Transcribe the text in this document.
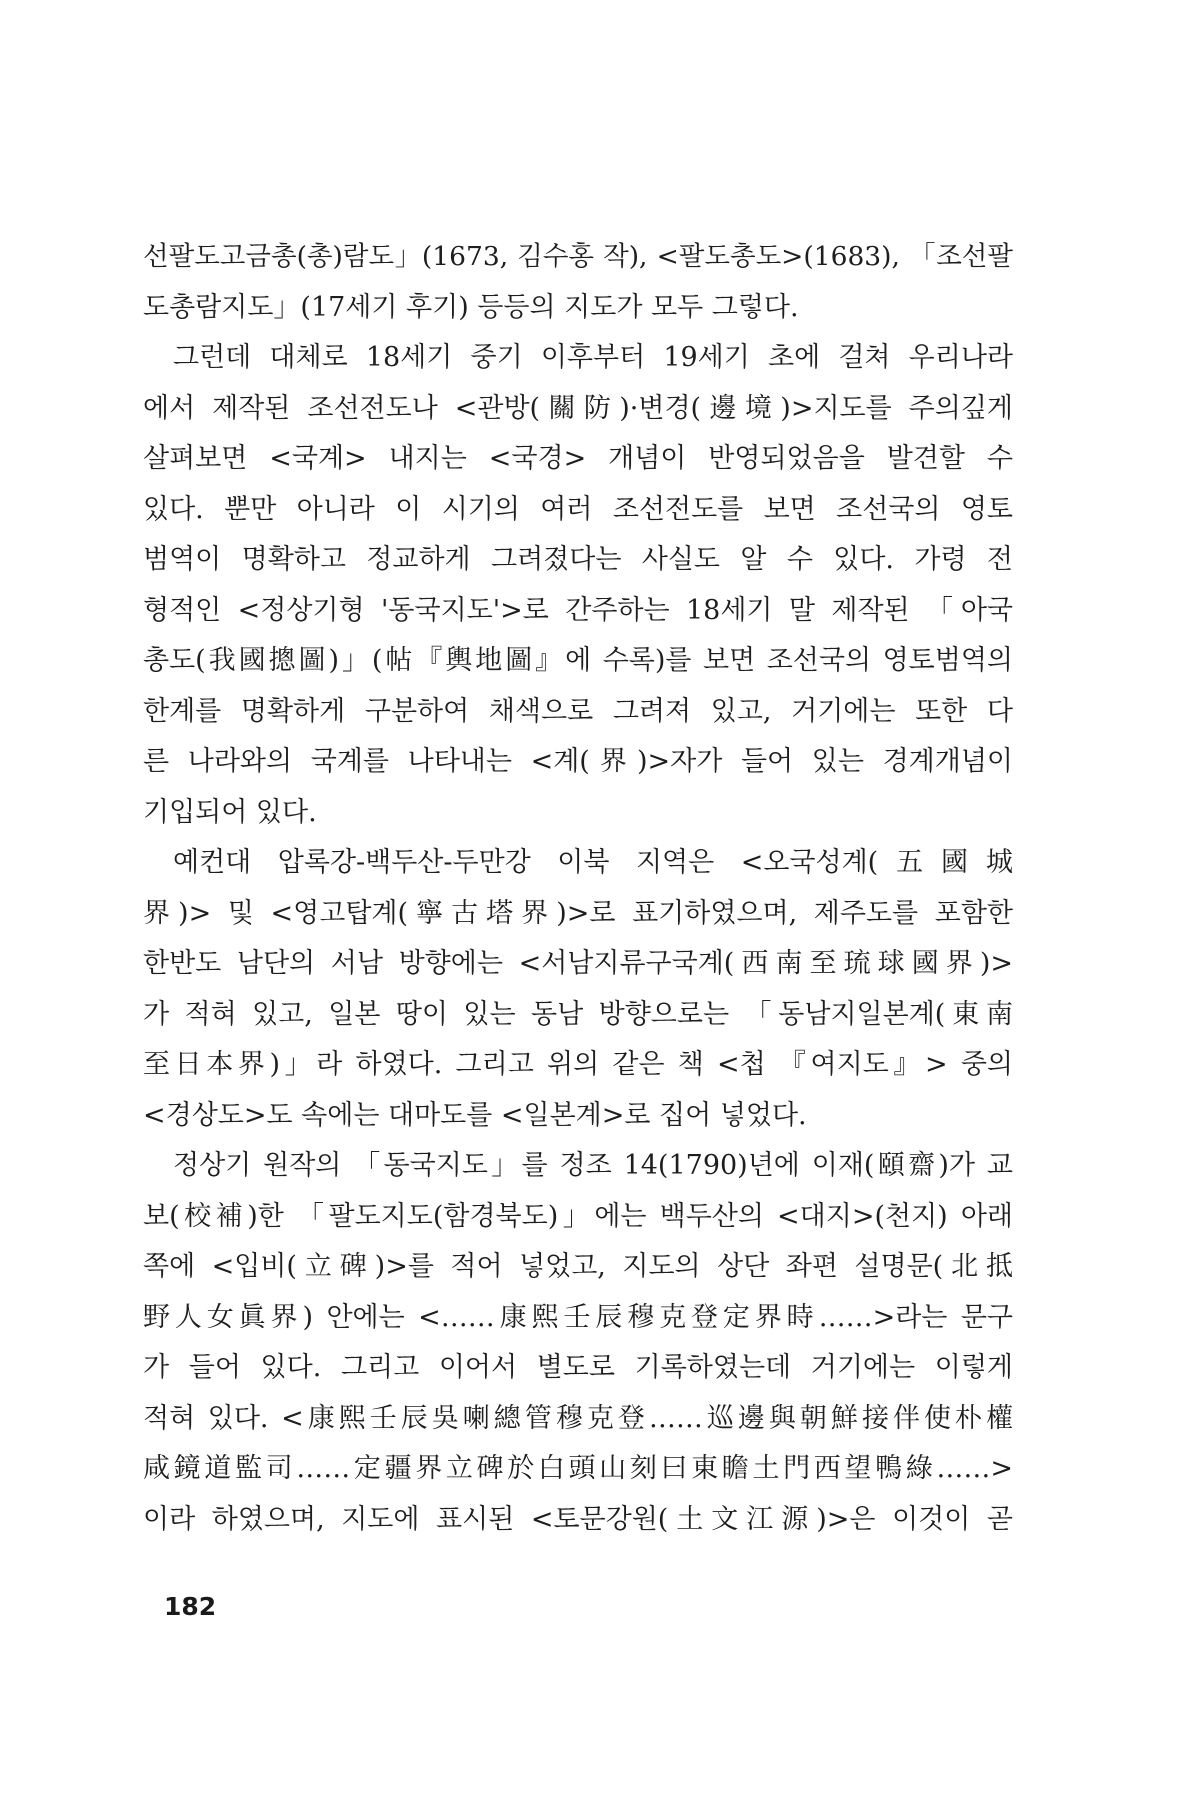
선팔도고금총(총)람도」(1673, 김수홍 작), <팔도총도>(1683), 「조선팔
도총람지도」(17세기 후기) 등등의 지도가 모두 그렇다.
그런데 대체로 18세기 중기 이후부터 19세기 초에 걸쳐 우리나라
에서 제작된 조선전도나 <관방(關防)·변경(邊境)>지도를 주의깊게
살펴보면 <국계> 내지는 <국경> 개념이 반영되었음을 발견할 수
있다. 뿐만 아니라 이 시기의 여러 조선전도를 보면 조선국의 영토
범역이 명확하고 정교하게 그려졌다는 사실도 알 수 있다. 가령 전
형적인 <정상기형 '동국지도'>로 간주하는 18세기 말 제작된 「아국
총도(我國摠圖)」(帖『輿地圖』에 수록)를 보면 조선국의 영토범역의
한계를 명확하게 구분하여 채색으로 그려져 있고, 거기에는 또한 다
른 나라와의 국계를 나타내는 <계(界)>자가 들어 있는 경계개념이
기입되어 있다.
예컨대 압록강-백두산-두만강 이북 지역은 <오국성계(五國城
界)> 및 <영고탑계(寧古塔界)>로 표기하였으며, 제주도를 포함한
한반도 남단의 서남 방향에는 <서남지류구국계(西南至琉球國界)>
가 적혀 있고, 일본 땅이 있는 동남 방향으로는 「동남지일본계(東南
至日本界)」라 하였다. 그리고 위의 같은 책 <첩 『여지도』> 중의
<경상도>도 속에는 대마도를 <일본계>로 집어 넣었다.
정상기 원작의 「동국지도」를 정조 14(1790)년에 이재(頤齋)가 교
보(校補)한 「팔도지도(함경북도)」에는 백두산의 <대지>(천지) 아래
쪽에 <입비(立碑)>를 적어 넣었고, 지도의 상단 좌편 설명문(北抵
野人女眞界) 안에는 <……康熙壬辰穆克登定界時……>라는 문구
가 들어 있다. 그리고 이어서 별도로 기록하였는데 거기에는 이렇게
적혀 있다. <康熙壬辰吳喇總管穆克登……巡邊與朝鮮接伴使朴權
咸鏡道監司……定疆界立碑於白頭山刻曰東瞻土門西望鴨綠……>
이라 하였으며, 지도에 표시된 <토문강원(土文江源)>은 이것이 곧
182
